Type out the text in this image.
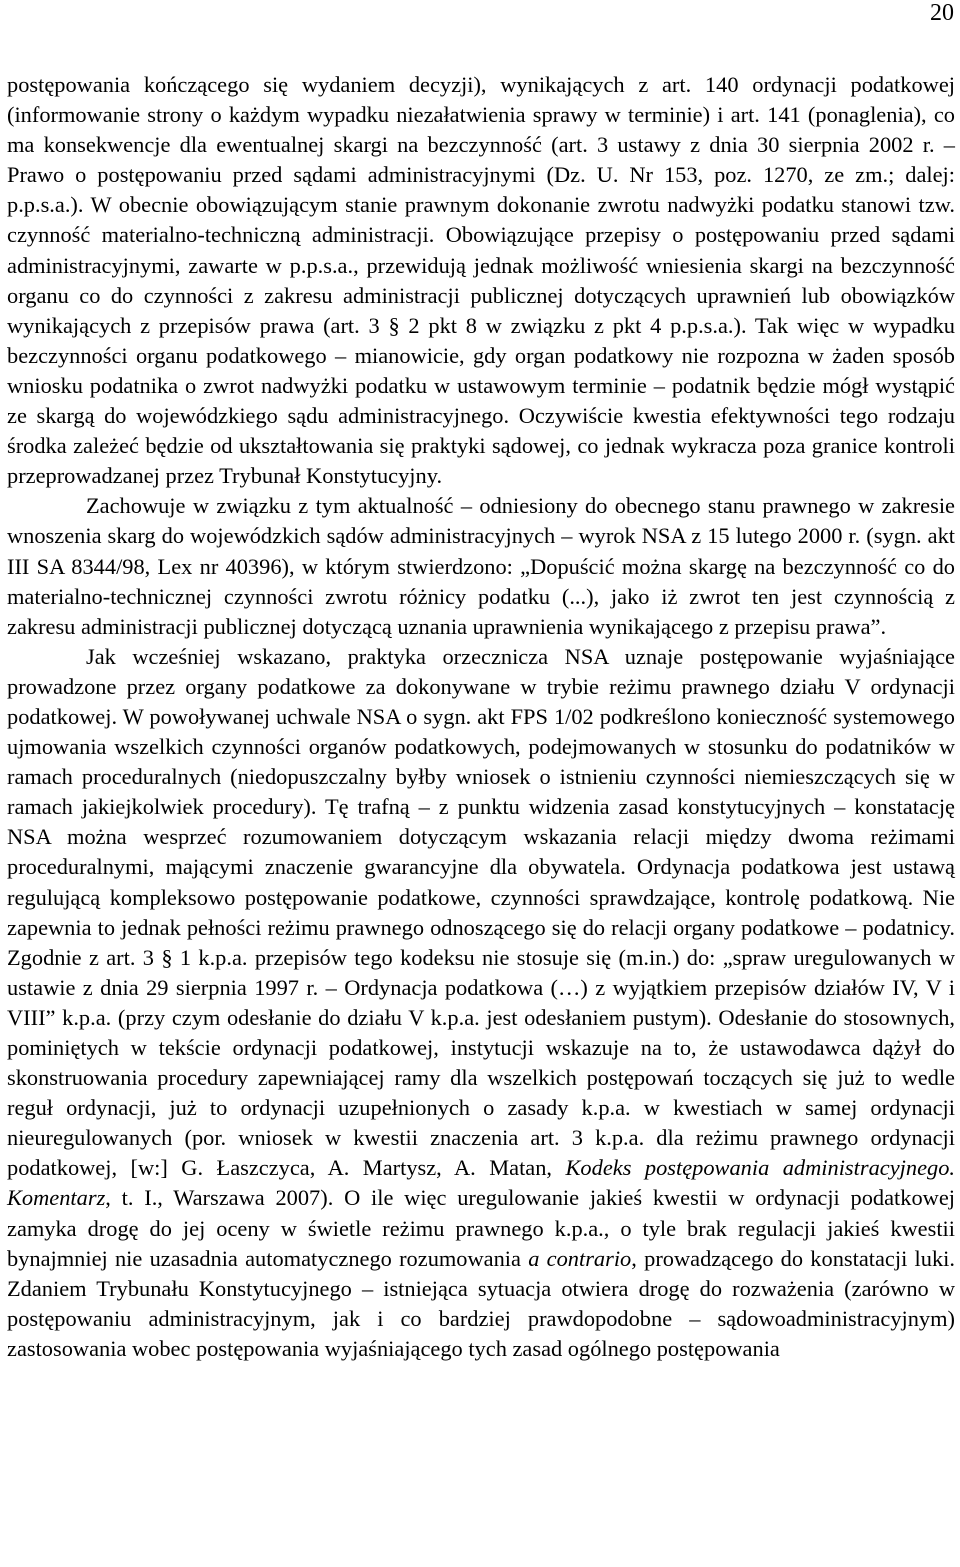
20

postępowania kończącego się wydaniem decyzji), wynikających z art. 140 ordynacji podatkowej (informowanie strony o każdym wypadku niezałatwienia sprawy w terminie) i art. 141 (ponaglenia), co ma konsekwencje dla ewentualnej skargi na bezczynność (art. 3 ustawy z dnia 30 sierpnia 2002 r. – Prawo o postępowaniu przed sądami administracyjnymi (Dz. U. Nr 153, poz. 1270, ze zm.; dalej: p.p.s.a.). W obecnie obowiązującym stanie prawnym dokonanie zwrotu nadwyżki podatku stanowi tzw. czynność materialno-techniczną administracji. Obowiązujące przepisy o postępowaniu przed sądami administracyjnymi, zawarte w p.p.s.a., przewidują jednak możliwość wniesienia skargi na bezczynność organu co do czynności z zakresu administracji publicznej dotyczących uprawnień lub obowiązków wynikających z przepisów prawa (art. 3 § 2 pkt 8 w związku z pkt 4 p.p.s.a.). Tak więc w wypadku bezczynności organu podatkowego – mianowicie, gdy organ podatkowy nie rozpozna w żaden sposób wniosku podatnika o zwrot nadwyżki podatku w ustawowym terminie – podatnik będzie mógł wystąpić ze skargą do wojewódzkiego sądu administracyjnego. Oczywiście kwestia efektywności tego rodzaju środka zależeć będzie od ukształtowania się praktyki sądowej, co jednak wykracza poza granice kontroli przeprowadzanej przez Trybunał Konstytucyjny.

Zachowuje w związku z tym aktualność – odniesiony do obecnego stanu prawnego w zakresie wnoszenia skarg do wojewódzkich sądów administracyjnych – wyrok NSA z 15 lutego 2000 r. (sygn. akt III SA 8344/98, Lex nr 40396), w którym stwierdzono: „Dopuścić można skargę na bezczynność co do materialno-technicznej czynności zwrotu różnicy podatku (...), jako iż zwrot ten jest czynnością z zakresu administracji publicznej dotyczącą uznania uprawnienia wynikającego z przepisu prawa”.

Jak wcześniej wskazano, praktyka orzecznicza NSA uznaje postępowanie wyjaśniające prowadzone przez organy podatkowe za dokonywane w trybie reżimu prawnego działu V ordynacji podatkowej. W powoływanej uchwale NSA o sygn. akt FPS 1/02 podkreślono konieczność systemowego ujmowania wszelkich czynności organów podatkowych, podejmowanych w stosunku do podatników w ramach proceduralnych (niedopuszczalny byłby wniosek o istnieniu czynności niemieszczących się w ramach jakiejkolwiek procedury). Tę trafną – z punktu widzenia zasad konstytucyjnych – konstatację NSA można wesprzeć rozumowaniem dotyczącym wskazania relacji między dwoma reżimami proceduralnymi, mającymi znaczenie gwarancyjne dla obywatela. Ordynacja podatkowa jest ustawą regulującą kompleksowo postępowanie podatkowe, czynności sprawdzające, kontrolę podatkową. Nie zapewnia to jednak pełności reżimu prawnego odnoszącego się do relacji organy podatkowe – podatnicy. Zgodnie z art. 3 § 1 k.p.a. przepisów tego kodeksu nie stosuje się (m.in.) do: „spraw uregulowanych w ustawie z dnia 29 sierpnia 1997 r. – Ordynacja podatkowa (…) z wyjątkiem przepisów działów IV, V i VIII” k.p.a. (przy czym odesłanie do działu V k.p.a. jest odesłaniem pustym). Odesłanie do stosownych, pominiętych w tekście ordynacji podatkowej, instytucji wskazuje na to, że ustawodawca dążył do skonstruowania procedury zapewniającej ramy dla wszelkich postępowań toczących się już to wedle reguł ordynacji, już to ordynacji uzupełnionych o zasady k.p.a. w kwestiach w samej ordynacji nieuregulowanych (por. wniosek w kwestii znaczenia art. 3 k.p.a. dla reżimu prawnego ordynacji podatkowej, [w:] G. Łaszczyca, A. Martysz, A. Matan, Kodeks postępowania administracyjnego. Komentarz, t. I., Warszawa 2007). O ile więc uregulowanie jakieś kwestii w ordynacji podatkowej zamyka drogę do jej oceny w świetle reżimu prawnego k.p.a., o tyle brak regulacji jakieś kwestii bynajmniej nie uzasadnia automatycznego rozumowania a contrario, prowadzącego do konstatacji luki. Zdaniem Trybunału Konstytucyjnego – istniejąca sytuacja otwiera drogę do rozważenia (zarówno w postępowaniu administracyjnym, jak i co bardziej prawdopodobne – sądowoadministracyjnym) zastosowania wobec postępowania wyjaśniającego tych zasad ogólnego postępowania
